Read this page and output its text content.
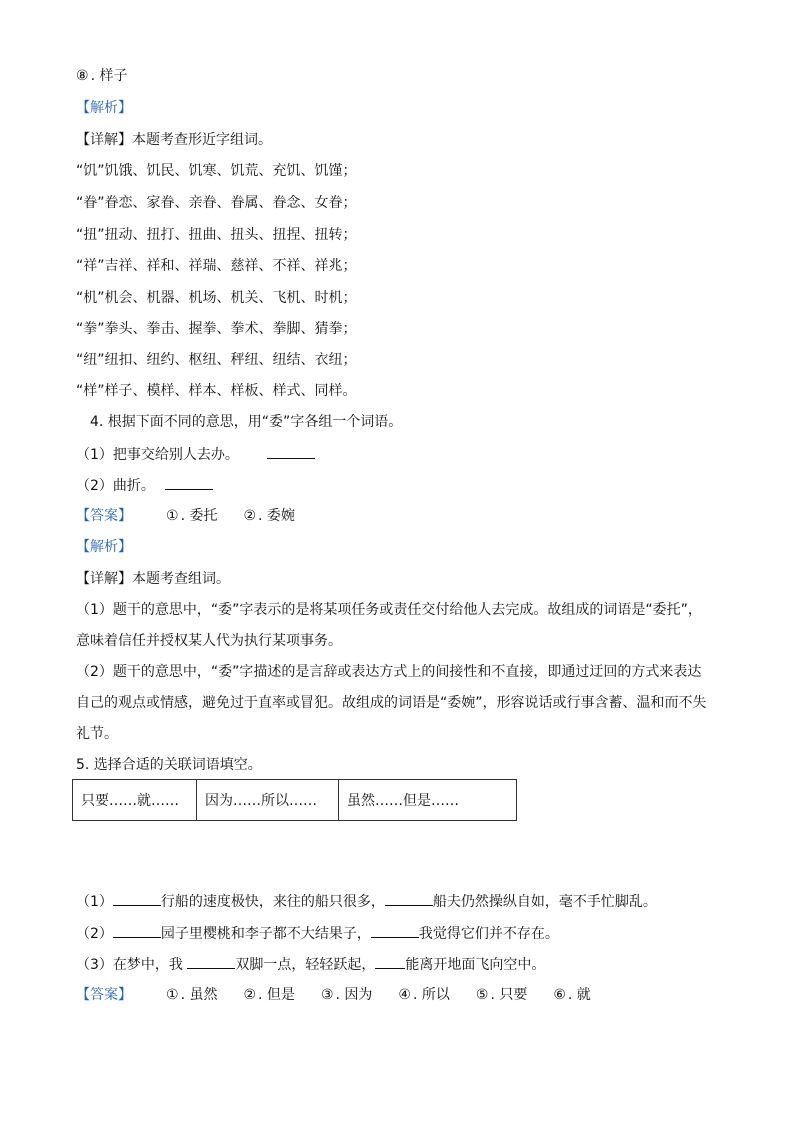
⑧ . 样子
【解析】
【详解】本题考查形近字组词。
“饥”饥饿、饥民、饥寒、饥荒、充饥、饥馑；
“眷”眷恋、家眷、亲眷、眷属、眷念、女眷；
“扭”扭动、扭打、扭曲、扭头、扭捏、扭转；
“祥”吉祥、祥和、祥瑞、慈祥、不祥、祥兆；
“机”机会、机器、机场、机关、飞机、时机；
“拳”拳头、拳击、握拳、拳术、拳脚、猜拳；
“纽”纽扣、纽约、枢纽、秤纽、纽结、衣纽；
“样”样子、模样、样本、样板、样式、同样。
4. 根据下面不同的意思，用“委”字各组一个词语。
（1）把事交给别人去办。
（2）曲折。
【答案】 ① . 委托 ② . 委婉
【解析】
【详解】本题考查组词。
（1）题干的意思中，“委”字表示的是将某项任务或责任交付给他人去完成。故组成的词语是“委托”，
意味着信任并授权某人代为执行某项事务。
（2）题干的意思中，“委”字描述的是言辞或表达方式上的间接性和不直接，即通过迂回的方式来表达
自己的观点或情感，避免过于直率或冒犯。故组成的词语是“委婉”，形容说话或行事含蓄、温和而不失
礼节。
5. 选择合适的关联词语填空。
只要……就……	因为……所以……	虽然……但是……
（1）	行船的速度极快，来往的船只很多，	船夫仍然操纵自如，毫不手忙脚乱。
（2）	园子里樱桃和李子都不大结果子，	我觉得它们并不存在。
（3）在梦中，我	双脚一点，轻轻跃起， 能离开地面飞向空中。
【答案】 ① . 虽然 ② . 但是 ③ . 因为 ④ . 所以 ⑤ . 只要 ⑥ . 就
